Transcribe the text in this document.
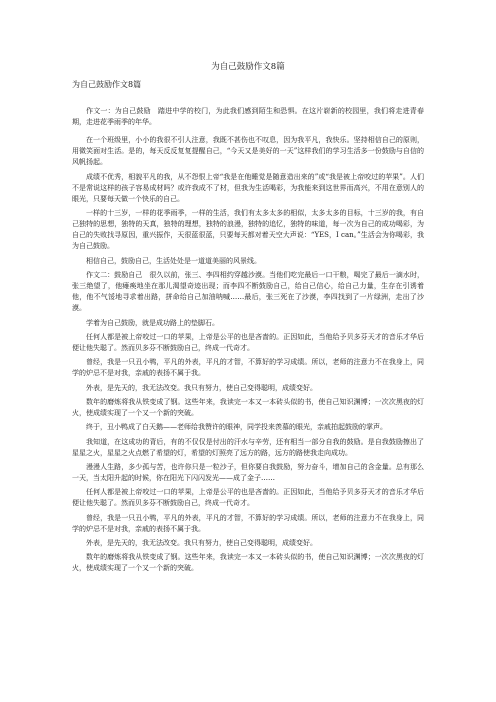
为自己鼓励作文8篇
为自己鼓励作文8篇

作文一：为自己鼓励　踏进中学的校门，为此我们感到陌生和恐惧。在这片崭新的校园里，我们将走进青春期，走进花季雨季的年华。

在一个班级里，小小的我很不引人注意，我既不甚伤也不叹息，因为我平凡，我快乐。坚持相信自己的原则，用微笑面对生活。是的，每天反反复复提醒自己，“今天又是美好的一天”这样我们的学习生活多一份鼓励与自信的风帆扬起。

成绩不优秀，相貌平凡的我，从不怨恨上帝“我是在他睡觉是随意造出来的”或“我是被上帝咬过的苹果”。人们不是常说这样的孩子容易成材吗？或许我成不了材，但我为生活喝彩，为我能来到这世界而高兴，不用在意别人的眼光，只要每天做一个快乐的自己。

一样的十三岁，一样的花季雨季，一样的生活，我们有太多太多的相似，太多太多的目标，十三岁的我，有自己独特的思想，独特的天真，独特的理想，独特的浪漫，独特的追忆，独特的味道，每一次为自己的成功喝彩，为自己的失败找寻原因，重兴振作，天很蓝很蓝，只要每天都对着天空大声说：“YES，I can。”生活会为你喝彩，我为自己鼓励。

相信自己，鼓励自己，生活处处是一道道美丽的风景线。

作文二：鼓励自己　很久以前，张三、李四相约穿越沙漠。当他们吃完最后一口干粮，喝完了最后一滴水时，张三绝望了，他瘫痪地坐在那儿渴望奇迹出现；而李四不断鼓励自己，给自己信心，给自己力量，生存在引诱着他，他不气馁地寻求着出路，拼命给自己加油呐喊……最后，张三死在了沙漠，李四找到了一片绿洲，走出了沙漠。

学着为自己鼓励，就是成功路上的垫脚石。

任何人都是被上帝咬过一口的苹果，上帝是公平的也是吝啬的。正因如此，当他给予贝多芬天才的音乐才华后便让他失聪了。然而贝多芬不断鼓励自己，终成一代奇才。

曾经，我是一只丑小鸭，平凡的外表，平凡的才智，不算好的学习成绩。所以，老师的注意力不在我身上，同学的炉忌不是对我，亲戚的表扬不属于我。

外表，是先天的，我无法改变。我只有努力，使自己变得聪明，成绩变好。

数年的磨炼将我从铁变成了钢。这些年来，我读完一本又一本砖头似的书，使自己知识渊博；一次次黑夜的灯火，使成绩实现了一个又一个新的突破。

终于，丑小鸭成了白天鹅——老师给我赞许的眼神，同学投来羡慕的眼光，亲戚拍起鼓励的掌声。

我知道，在这成功的背后，有的不仅仅是付出的汗水与辛劳，还有相当一部分自我的鼓励。是自我鼓励擦出了星星之火，星星之火点燃了希望的灯，希望的灯照亮了远方的路，远方的路使我走向成功。

漫漫人生路，多少孤与苦，也许你只是一粒沙子，但你要自我鼓励，努力奋斗，增加自己的含金量。总有那么一天，当太阳升起的时候，你在阳光下闪闪发光——成了金子……

任何人都是被上帝咬过一口的苹果，上帝是公平的也是吝啬的。正因如此，当他给予贝多芬天才的音乐才华后便让他失聪了。然而贝多芬不断鼓励自己，终成一代奇才。

曾经，我是一只丑小鸭，平凡的外表，平凡的才智，不算好的学习成绩。所以，老师的注意力不在我身上，同学的炉忌不是对我，亲戚的表扬不属于我。

外表，是先天的，我无法改变。我只有努力，使自己变得聪明，成绩变好。

数年的磨炼将我从铁变成了钢。这些年来，我读完一本又一本砖头似的书，使自己知识渊博；一次次黑夜的灯火，使成绩实现了一个又一个新的突破。
